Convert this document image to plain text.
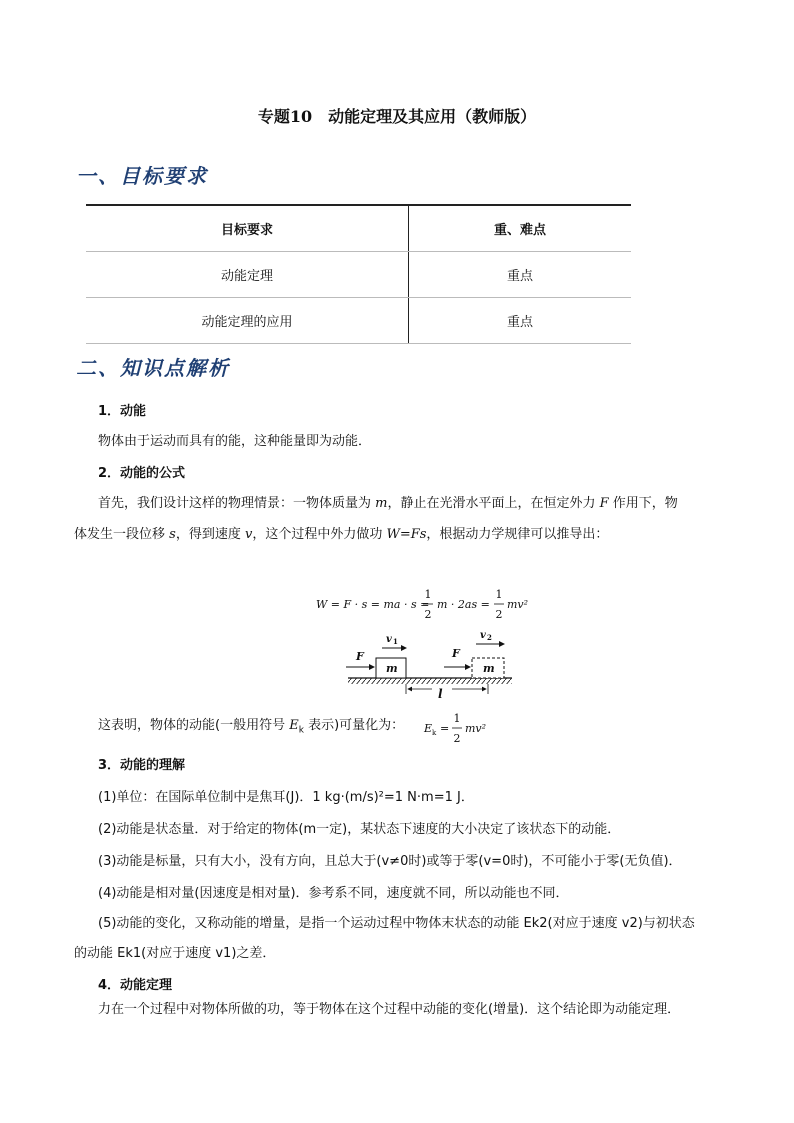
专题10　动能定理及其应用（教师版）
一、目标要求
目标要求	重、难点
动能定理	重点
动能定理的应用	重点
二、知识点解析
1．动能
物体由于运动而具有的能，这种能量即为动能．
2．动能的公式
首先，我们设计这样的物理情景：一物体质量为 m，静止在光滑水平面上，在恒定外力 F 作用下，物
体发生一段位移 s，得到速度 v，这个过程中外力做功 W=Fs，根据动力学规律可以推导出：
W = F · s = ma · s =
1
2
m · 2as =
1
2
mv²
m
F
v 1
m
F
v 2
l
这表明，物体的动能(一般用符号 $E_k$ 表示)可量化为： E k =
1
2
mv²
3．动能的理解
(1)单位：在国际单位制中是焦耳(J)．1 kg·(m/s)²=1 N·m=1 J．
(2)动能是状态量．对于给定的物体(m一定)，某状态下速度的大小决定了该状态下的动能．
(3)动能是标量，只有大小，没有方向，且总大于(v≠0时)或等于零(v=0时)，不可能小于零(无负值)．
(4)动能是相对量(因速度是相对量)．参考系不同，速度就不同，所以动能也不同．
(5)动能的变化，又称动能的增量，是指一个运动过程中物体末状态的动能 Ek2(对应于速度 v2)与初状态
的动能 Ek1(对应于速度 v1)之差．
4．动能定理
力在一个过程中对物体所做的功，等于物体在这个过程中动能的变化(增量)．这个结论即为动能定理．
